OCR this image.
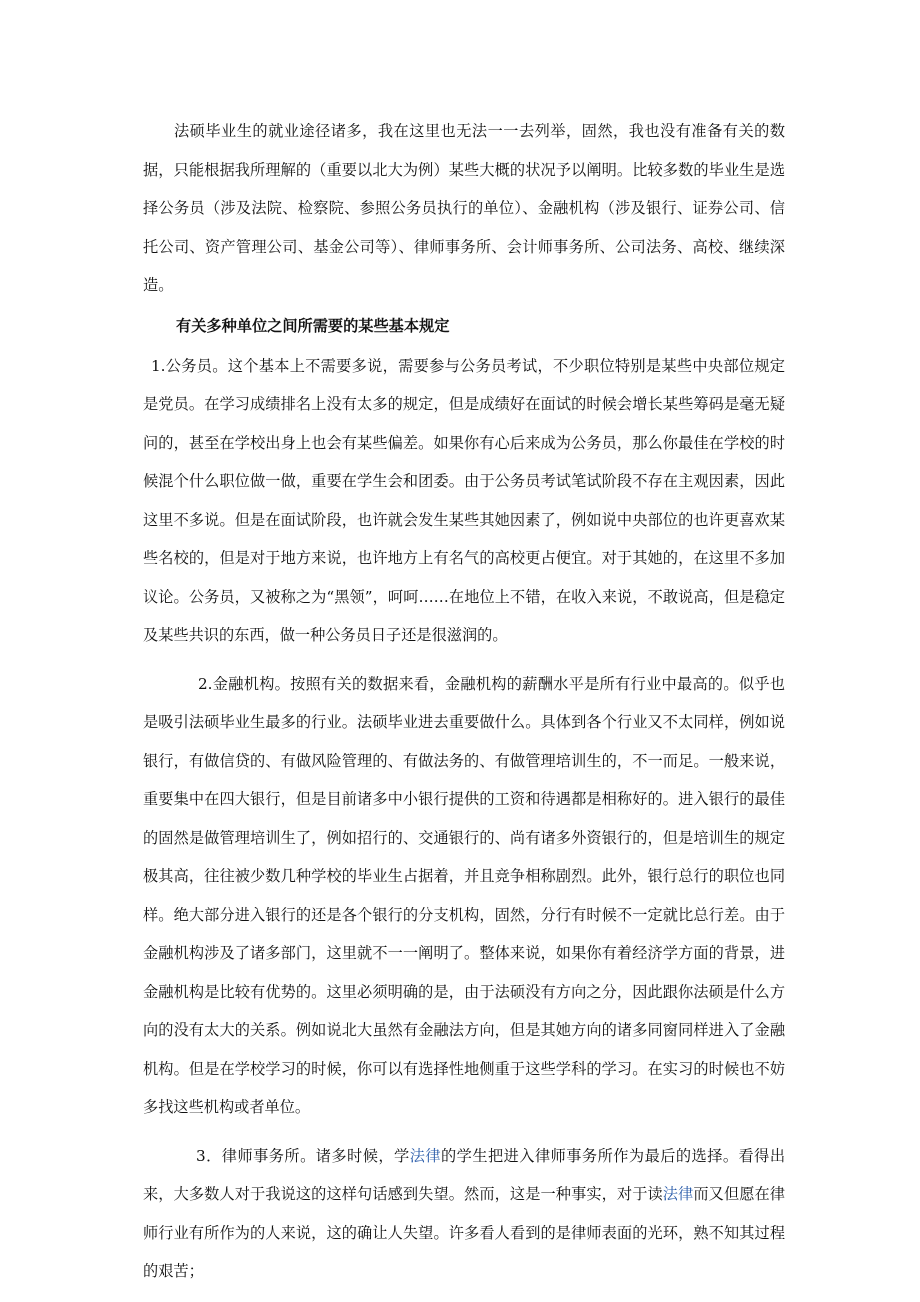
法硕毕业生的就业途径诸多，我在这里也无法一一去列举，固然，我也没有准备有关的数据，只能根据我所理解的（重要以北大为例）某些大概的状况予以阐明。比较多数的毕业生是选择公务员（涉及法院、检察院、参照公务员执行的单位）、金融机构（涉及银行、证券公司、信托公司、资产管理公司、基金公司等）、律师事务所、会计师事务所、公司法务、高校、继续深造。

有关多种单位之间所需要的某些基本规定

1.公务员。这个基本上不需要多说，需要参与公务员考试，不少职位特别是某些中央部位规定是党员。在学习成绩排名上没有太多的规定，但是成绩好在面试的时候会增长某些筹码是毫无疑问的，甚至在学校出身上也会有某些偏差。如果你有心后来成为公务员，那么你最佳在学校的时候混个什么职位做一做，重要在学生会和团委。由于公务员考试笔试阶段不存在主观因素，因此这里不多说。但是在面试阶段，也许就会发生某些其她因素了，例如说中央部位的也许更喜欢某些名校的，但是对于地方来说，也许地方上有名气的高校更占便宜。对于其她的，在这里不多加议论。公务员，又被称之为“黑领”，呵呵……在地位上不错，在收入来说，不敢说高，但是稳定及某些共识的东西，做一种公务员日子还是很滋润的。

2.金融机构。按照有关的数据来看，金融机构的薪酬水平是所有行业中最高的。似乎也是吸引法硕毕业生最多的行业。法硕毕业进去重要做什么。具体到各个行业又不太同样，例如说银行，有做信贷的、有做风险管理的、有做法务的、有做管理培训生的，不一而足。一般来说，重要集中在四大银行，但是目前诸多中小银行提供的工资和待遇都是相称好的。进入银行的最佳的固然是做管理培训生了，例如招行的、交通银行的、尚有诸多外资银行的，但是培训生的规定极其高，往往被少数几种学校的毕业生占据着，并且竞争相称剧烈。此外，银行总行的职位也同样。绝大部分进入银行的还是各个银行的分支机构，固然，分行有时候不一定就比总行差。由于金融机构涉及了诸多部门，这里就不一一阐明了。整体来说，如果你有着经济学方面的背景，进金融机构是比较有优势的。这里必须明确的是，由于法硕没有方向之分，因此跟你法硕是什么方向的没有太大的关系。例如说北大虽然有金融法方向，但是其她方向的诸多同窗同样进入了金融机构。但是在学校学习的时候，你可以有选择性地侧重于这些学科的学习。在实习的时候也不妨多找这些机构或者单位。

3．律师事务所。诸多时候，学法律的学生把进入律师事务所作为最后的选择。看得出来，大多数人对于我说这的这样句话感到失望。然而，这是一种事实，对于读法律而又但愿在律师行业有所作为的人来说，这的确让人失望。许多看人看到的是律师表面的光环，熟不知其过程的艰苦；
